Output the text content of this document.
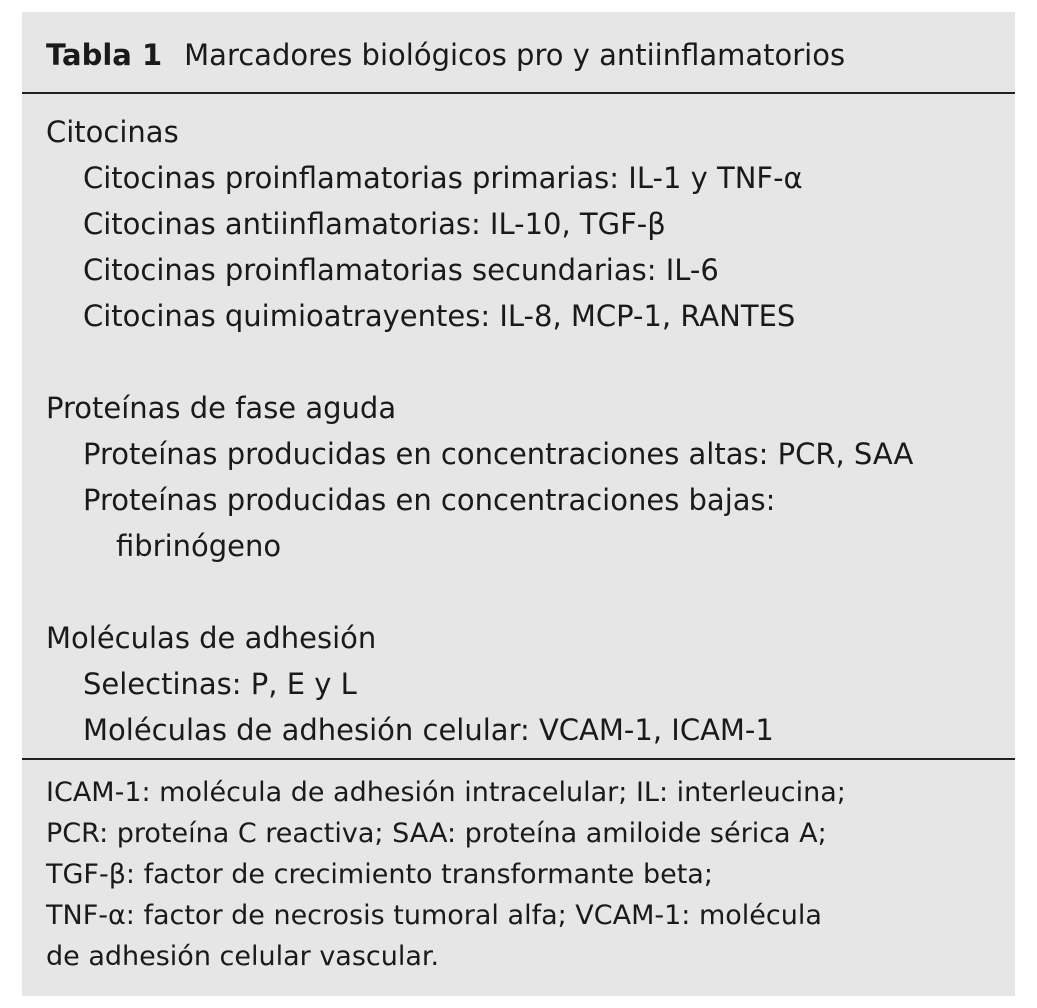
Tabla 1 Marcadores biológicos pro y antiinflamatorios
Citocinas
Citocinas proinflamatorias primarias: IL-1 y TNF-α
Citocinas antiinflamatorias: IL-10, TGF-β
Citocinas proinflamatorias secundarias: IL-6
Citocinas quimioatrayentes: IL-8, MCP-1, RANTES
Proteínas de fase aguda
Proteínas producidas en concentraciones altas: PCR, SAA
Proteínas producidas en concentraciones bajas:
fibrinógeno
Moléculas de adhesión
Selectinas: P, E y L
Moléculas de adhesión celular: VCAM-1, ICAM-1
ICAM-1: molécula de adhesión intracelular; IL: interleucina;
PCR: proteína C reactiva; SAA: proteína amiloide sérica A;
TGF-β: factor de crecimiento transformante beta;
TNF-α: factor de necrosis tumoral alfa; VCAM-1: molécula
de adhesión celular vascular.
